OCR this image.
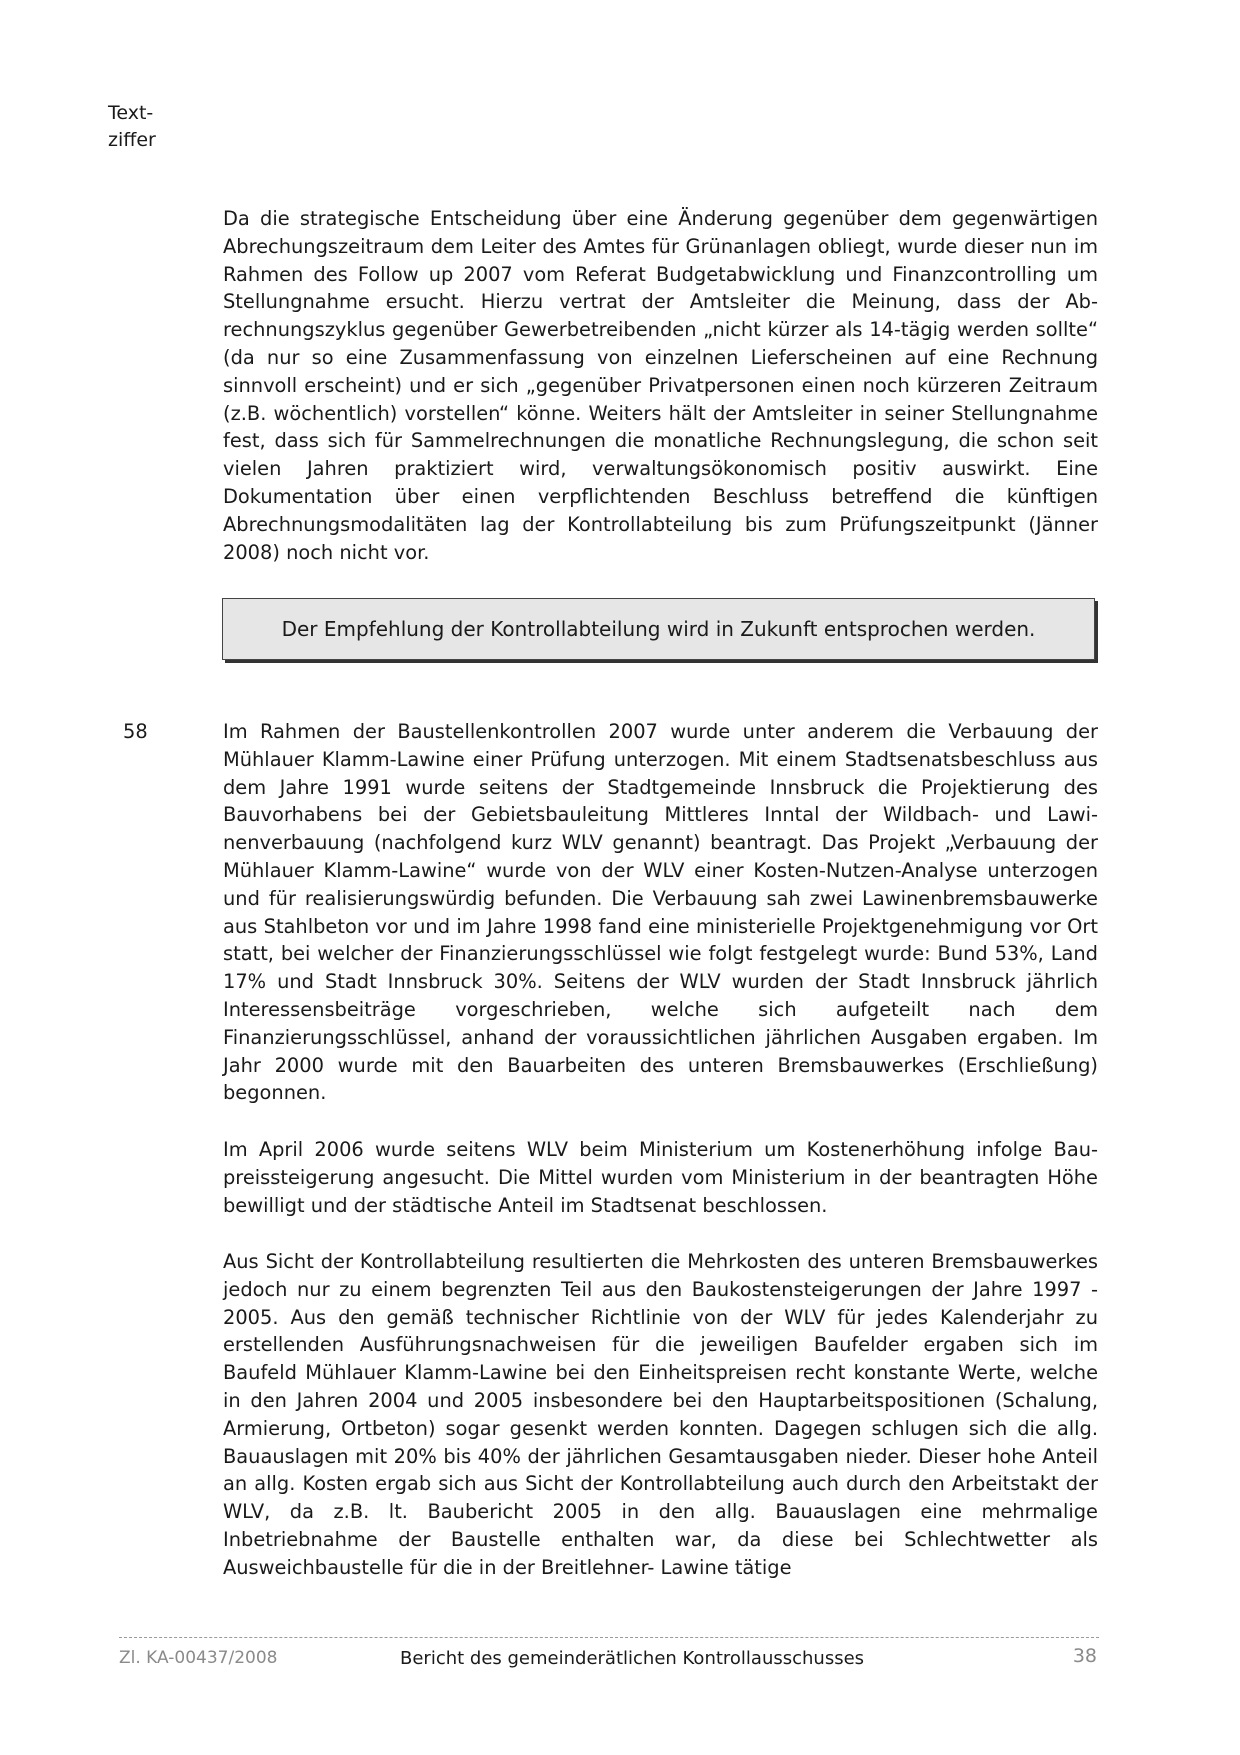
Text-
ziffer

Da die strategische Entscheidung über eine Änderung gegenüber dem gegenwärtigen Abrechungszeitraum dem Leiter des Amtes für Grünanlagen obliegt, wurde dieser nun im Rahmen des Follow up 2007 vom Referat Budgetabwicklung und Finanzcontrolling um Stellungnahme ersucht. Hierzu vertrat der Amtsleiter die Meinung, dass der Abrechnungszyklus gegenüber Gewerbetreibenden „nicht kürzer als 14-tägig werden sollte“ (da nur so eine Zusammenfassung von einzelnen Lieferscheinen auf eine Rechnung sinnvoll erscheint) und er sich „gegenüber Privatpersonen einen noch kürzeren Zeitraum (z.B. wöchentlich) vorstellen“ könne. Weiters hält der Amtsleiter in seiner Stellungnahme fest, dass sich für Sammelrechnungen die monatliche Rechnungslegung, die schon seit vielen Jahren praktiziert wird, verwaltungsökonomisch positiv auswirkt. Eine Dokumentation über einen verpflichtenden Beschluss betreffend die künftigen Abrechnungsmodalitäten lag der Kontrollabteilung bis zum Prüfungszeitpunkt (Jänner 2008) noch nicht vor.

Der Empfehlung der Kontrollabteilung wird in Zukunft entsprochen werden.
58	Im Rahmen der Baustellenkontrollen 2007 wurde unter anderem die Verbauung der Mühlauer Klamm-Lawine einer Prüfung unterzogen. Mit einem Stadtsenatsbeschluss aus dem Jahre 1991 wurde seitens der Stadtgemeinde Innsbruck die Projektierung des Bauvorhabens bei der Gebietsbauleitung Mittleres Inntal der Wildbach- und Lawinenverbauung (nachfolgend kurz WLV genannt) beantragt. Das Projekt „Verbauung der Mühlauer Klamm-Lawine“ wurde von der WLV einer Kosten-Nutzen-Analyse unterzogen und für realisierungswürdig befunden. Die Verbauung sah zwei Lawinenbremsbauwerke aus Stahlbeton vor und im Jahre 1998 fand eine ministerielle Projektgenehmigung vor Ort statt, bei welcher der Finanzierungsschlüssel wie folgt festgelegt wurde: Bund 53%, Land 17% und Stadt Innsbruck 30%. Seitens der WLV wurden der Stadt Innsbruck jährlich Interessensbeiträge vorgeschrieben, welche sich aufgeteilt nach dem Finanzierungsschlüssel, anhand der voraussichtlichen jährlichen Ausgaben ergaben. Im Jahr 2000 wurde mit den Bauarbeiten des unteren Bremsbauwerkes (Erschließung) begonnen.

Im April 2006 wurde seitens WLV beim Ministerium um Kostenerhöhung infolge Baupreissteigerung angesucht. Die Mittel wurden vom Ministerium in der beantragten Höhe bewilligt und der städtische Anteil im Stadtsenat beschlossen.

Aus Sicht der Kontrollabteilung resultierten die Mehrkosten des unteren Bremsbauwerkes jedoch nur zu einem begrenzten Teil aus den Baukostensteigerungen der Jahre 1997 - 2005. Aus den gemäß technischer Richtlinie von der WLV für jedes Kalenderjahr zu erstellenden Ausführungsnachweisen für die jeweiligen Baufelder ergaben sich im Baufeld Mühlauer Klamm-Lawine bei den Einheitspreisen recht konstante Werte, welche in den Jahren 2004 und 2005 insbesondere bei den Hauptarbeitspositionen (Schalung, Armierung, Ortbeton) sogar gesenkt werden konnten. Dagegen schlugen sich die allg. Bauauslagen mit 20% bis 40% der jährlichen Gesamtausgaben nieder. Dieser hohe Anteil an allg. Kosten ergab sich aus Sicht der Kontrollabteilung auch durch den Arbeitstakt der WLV, da z.B. lt. Baubericht 2005 in den allg. Bauauslagen eine mehrmalige Inbetriebnahme der Baustelle enthalten war, da diese bei Schlechtwetter als Ausweichbaustelle für die in der Breitlehner- Lawine tätige

Zl. KA-00437/2008	Bericht des gemeinderätlichen Kontrollausschusses	38
